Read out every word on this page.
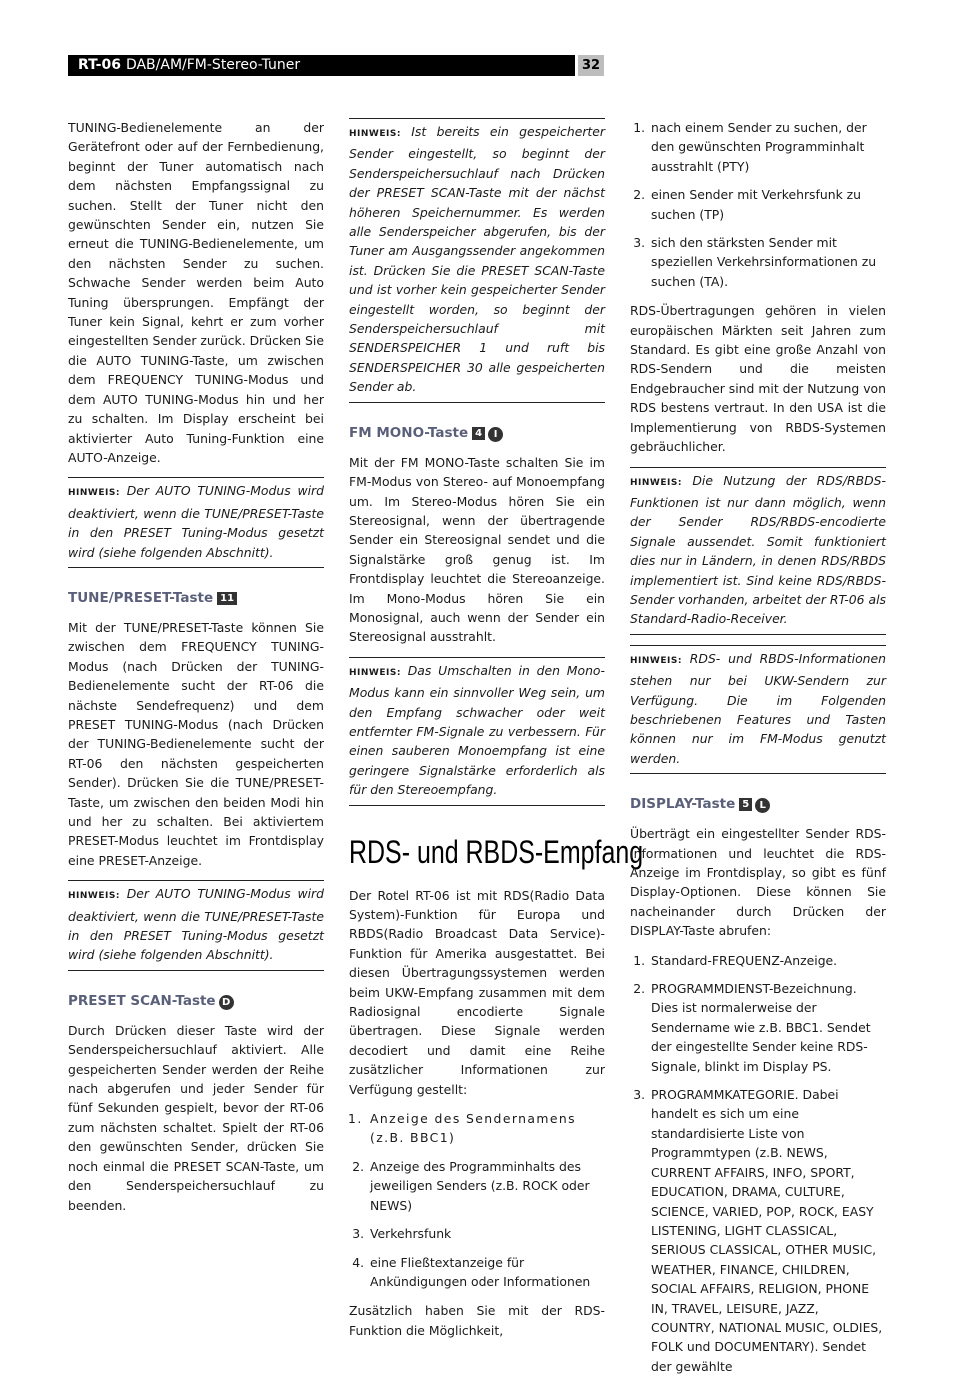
RT-06 DAB/AM/FM-Stereo-Tuner	32

TUNING-Bedienelemente an der Gerätefront oder auf der Fernbedienung, beginnt der Tuner automatisch nach dem nächsten Empfangssignal zu suchen. Stellt der Tuner nicht den gewünschten Sender ein, nutzen Sie erneut die TUNING-Bedienelemente, um den nächsten Sender zu suchen. Schwache Sender werden beim Auto Tuning übersprungen. Empfängt der Tuner kein Signal, kehrt er zum vorher eingestellten Sender zurück. Drücken Sie die AUTO TUNING-Taste, um zwischen dem FREQUENCY TUNING-Modus und dem AUTO TUNING-Modus hin und her zu schalten. Im Display erscheint bei aktivierter Auto Tuning-Funktion eine AUTO-Anzeige.

HINWEIS: Der AUTO TUNING-Modus wird deaktiviert, wenn die TUNE/PRESET-Taste in den PRESET Tuning-Modus gesetzt wird (siehe folgenden Abschnitt).
TUNE/PRESET-Taste 11

Mit der TUNE/PRESET-Taste können Sie zwischen dem FREQUENCY TUNING-Modus (nach Drücken der TUNING-Bedienelemente sucht der RT-06 die nächste Sendefrequenz) und dem PRESET TUNING-Modus (nach Drücken der TUNING-Bedienelemente sucht der RT-06 den nächsten gespeicherten Sender). Drücken Sie die TUNE/PRESET-Taste, um zwischen den beiden Modi hin und her zu schalten. Bei aktiviertem PRESET-Modus leuchtet im Frontdisplay eine PRESET-Anzeige.

HINWEIS: Der AUTO TUNING-Modus wird deaktiviert, wenn die TUNE/PRESET-Taste in den PRESET Tuning-Modus gesetzt wird (siehe folgenden Abschnitt).
PRESET SCAN-Taste D

Durch Drücken dieser Taste wird der Senderspeichersuchlauf aktiviert. Alle gespeicherten Sender werden der Reihe nach abgerufen und jeder Sender für fünf Sekunden gespielt, bevor der RT-06 zum nächsten schaltet. Spielt der RT-06 den gewünschten Sender, drücken Sie noch einmal die PRESET SCAN-Taste, um den Senderspeichersuchlauf zu beenden.

HINWEIS: Ist bereits ein gespeicherter Sender eingestellt, so beginnt der Senderspeichersuchlauf nach Drücken der PRESET SCAN-Taste mit der nächst höheren Speichernummer. Es werden alle Senderspeicher abgerufen, bis der Tuner am Ausgangssender angekommen ist. Drücken Sie die PRESET SCAN-Taste und ist vorher kein gespeicherter Sender eingestellt worden, so beginnt der Senderspeichersuchlauf mit SENDERSPEICHER 1 und ruft bis SENDERSPEICHER 30 alle gespeicherten Sender ab.
FM MONO-Taste 4 I

Mit der FM MONO-Taste schalten Sie im FM-Modus von Stereo- auf Monoempfang um. Im Stereo-Modus hören Sie ein Stereosignal, wenn der übertragende Sender ein Stereosignal sendet und die Signalstärke groß genug ist. Im Frontdisplay leuchtet die Stereoanzeige. Im Mono-Modus hören Sie ein Monosignal, auch wenn der Sender ein Stereosignal ausstrahlt.

HINWEIS: Das Umschalten in den Mono-Modus kann ein sinnvoller Weg sein, um den Empfang schwacher oder weit entfernter FM-Signale zu verbessern. Für einen sauberen Monoempfang ist eine geringere Signalstärke erforderlich als für den Stereoempfang.
RDS- und RBDS-Empfang

Der Rotel RT-06 ist mit RDS(Radio Data System)-Funktion für Europa und RBDS(Radio Broadcast Data Service)-Funktion für Amerika ausgestattet. Bei diesen Übertragungssystemen werden beim UKW-Empfang zusammen mit dem Radiosignal encodierte Signale übertragen. Diese Signale werden decodiert und damit eine Reihe zusätzlicher Informationen zur Verfügung gestellt:

1. Anzeige des Sendernamens (z.B. BBC1)
2. Anzeige des Programminhalts des jeweiligen Senders (z.B. ROCK oder NEWS)
3. Verkehrsfunk
4. eine Fließtextanzeige für Ankündigungen oder Informationen

Zusätzlich haben Sie mit der RDS-Funktion die Möglichkeit,

1. nach einem Sender zu suchen, der den gewünschten Programminhalt ausstrahlt (PTY)
2. einen Sender mit Verkehrsfunk zu suchen (TP)
3. sich den stärksten Sender mit speziellen Verkehrsinformationen zu suchen (TA).

RDS-Übertragungen gehören in vielen europäischen Märkten seit Jahren zum Standard. Es gibt eine große Anzahl von RDS-Sendern und die meisten Endgebraucher sind mit der Nutzung von RDS bestens vertraut. In den USA ist die Implementierung von RBDS-Systemen gebräuchlicher.

HINWEIS: Die Nutzung der RDS/RBDS-Funktionen ist nur dann möglich, wenn der Sender RDS/RBDS-encodierte Signale aussendet. Somit funktioniert dies nur in Ländern, in denen RDS/RBDS implementiert ist. Sind keine RDS/RBDS-Sender vorhanden, arbeitet der RT-06 als Standard-Radio-Receiver.
HINWEIS: RDS- und RBDS-Informationen stehen nur bei UKW-Sendern zur Verfügung. Die im Folgenden beschriebenen Features und Tasten können nur im FM-Modus genutzt werden.
DISPLAY-Taste 5 L

Überträgt ein eingestellter Sender RDS-Informationen und leuchtet die RDS-Anzeige im Frontdisplay, so gibt es fünf Display-Optionen. Diese können Sie nacheinander durch Drücken der DISPLAY-Taste abrufen:

1. Standard-FREQUENZ-Anzeige.
2. PROGRAMMDIENST-Bezeichnung. Dies ist normalerweise der Sendername wie z.B. BBC1. Sendet der eingestellte Sender keine RDS-Signale, blinkt im Display PS.
3. PROGRAMMKATEGORIE. Dabei handelt es sich um eine standardisierte Liste von Programmtypen (z.B. NEWS, CURRENT AFFAIRS, INFO, SPORT, EDUCATION, DRAMA, CULTURE, SCIENCE, VARIED, POP, ROCK, EASY LISTENING, LIGHT CLASSICAL, SERIOUS CLASSICAL, OTHER MUSIC, WEATHER, FINANCE, CHILDREN, SOCIAL AFFAIRS, RELIGION, PHONE IN, TRAVEL, LEISURE, JAZZ, COUNTRY, NATIONAL MUSIC, OLDIES, FOLK und DOCUMENTARY). Sendet der gewählte
